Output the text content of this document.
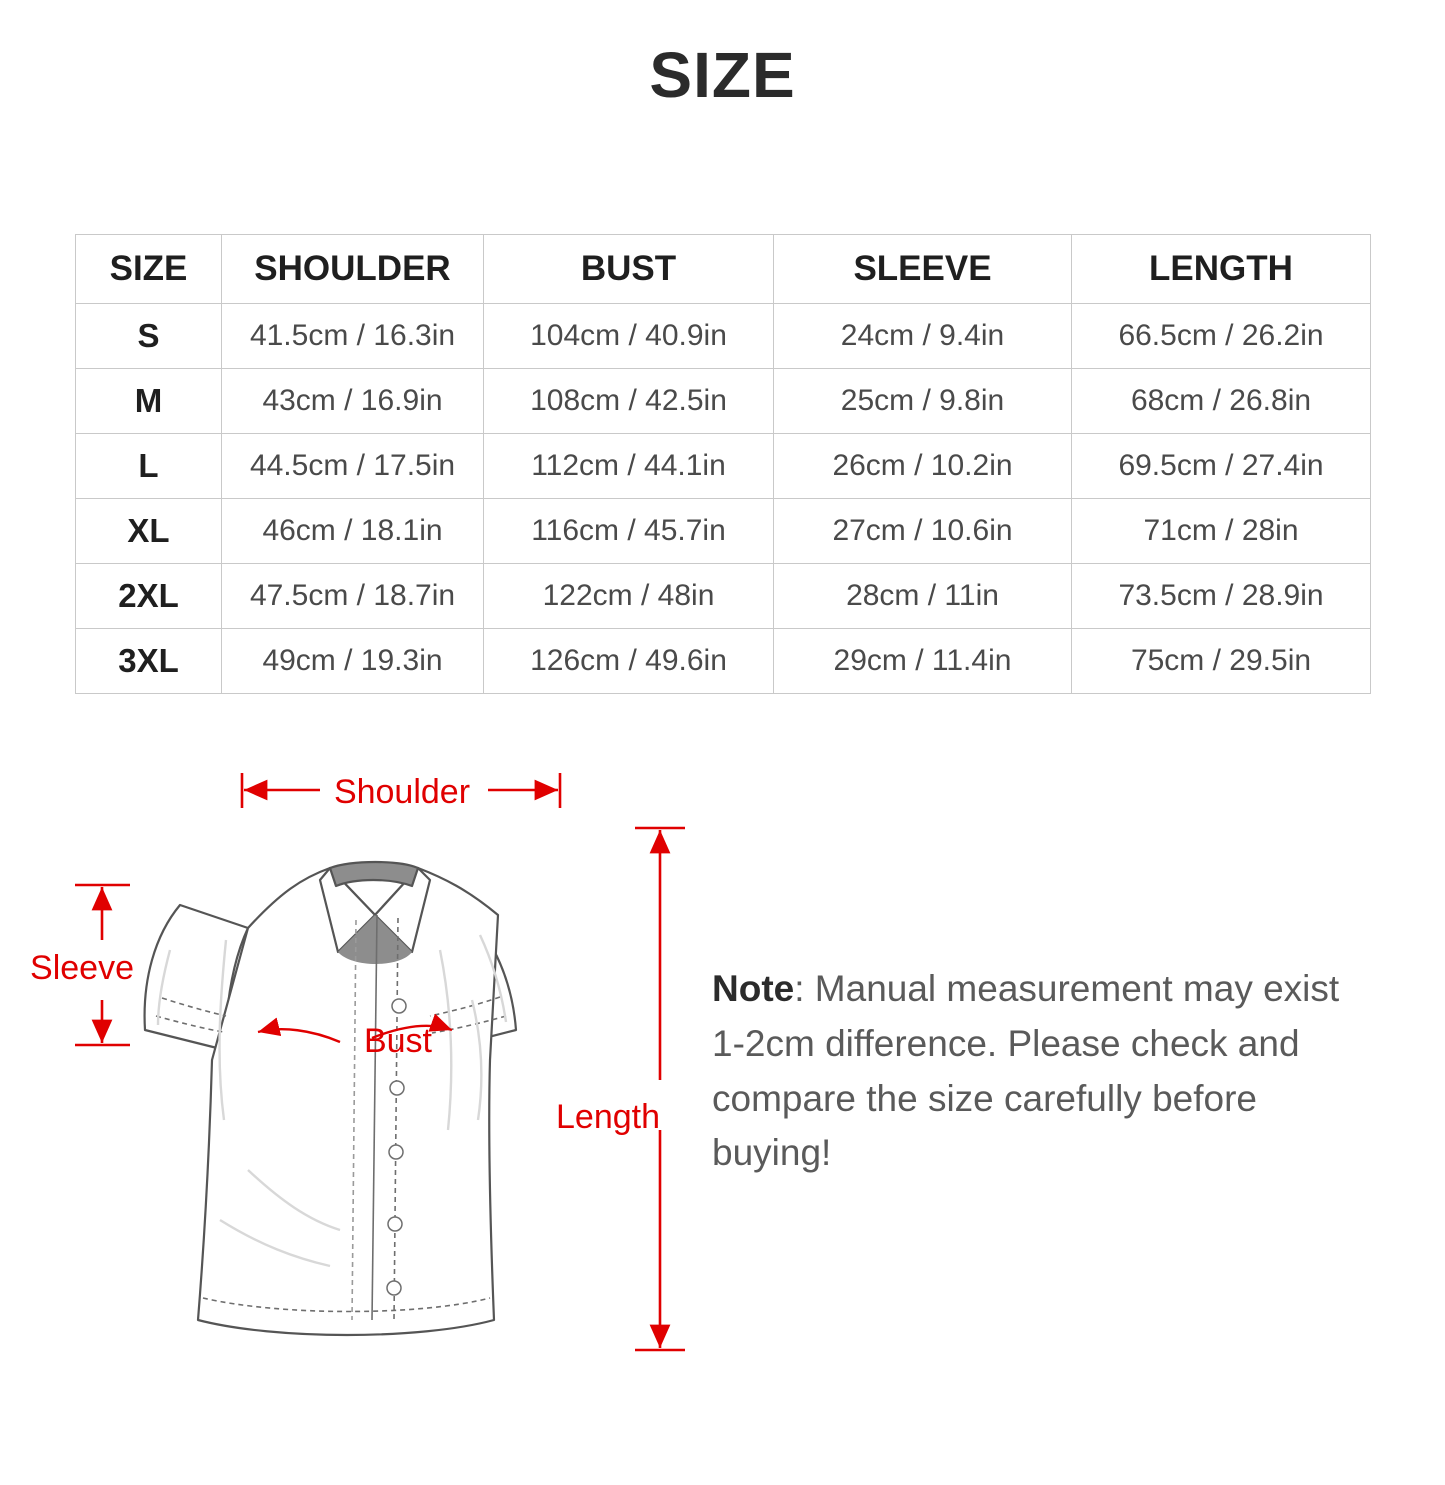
SIZE
SIZE	SHOULDER	BUST	SLEEVE	LENGTH
S	41.5cm / 16.3in	104cm / 40.9in	24cm / 9.4in	66.5cm / 26.2in
M	43cm / 16.9in	108cm / 42.5in	25cm / 9.8in	68cm / 26.8in
L	44.5cm / 17.5in	112cm / 44.1in	26cm / 10.2in	69.5cm / 27.4in
XL	46cm / 18.1in	116cm / 45.7in	27cm / 10.6in	71cm / 28in
2XL	47.5cm / 18.7in	122cm / 48in	28cm / 11in	73.5cm / 28.9in
3XL	49cm / 19.3in	126cm / 49.6in	29cm / 11.4in	75cm / 29.5in
Shoulder
Sleeve
Bust
Length
Note: Manual measurement may exist 1-2cm difference. Please check and compare the size carefully before buying!
